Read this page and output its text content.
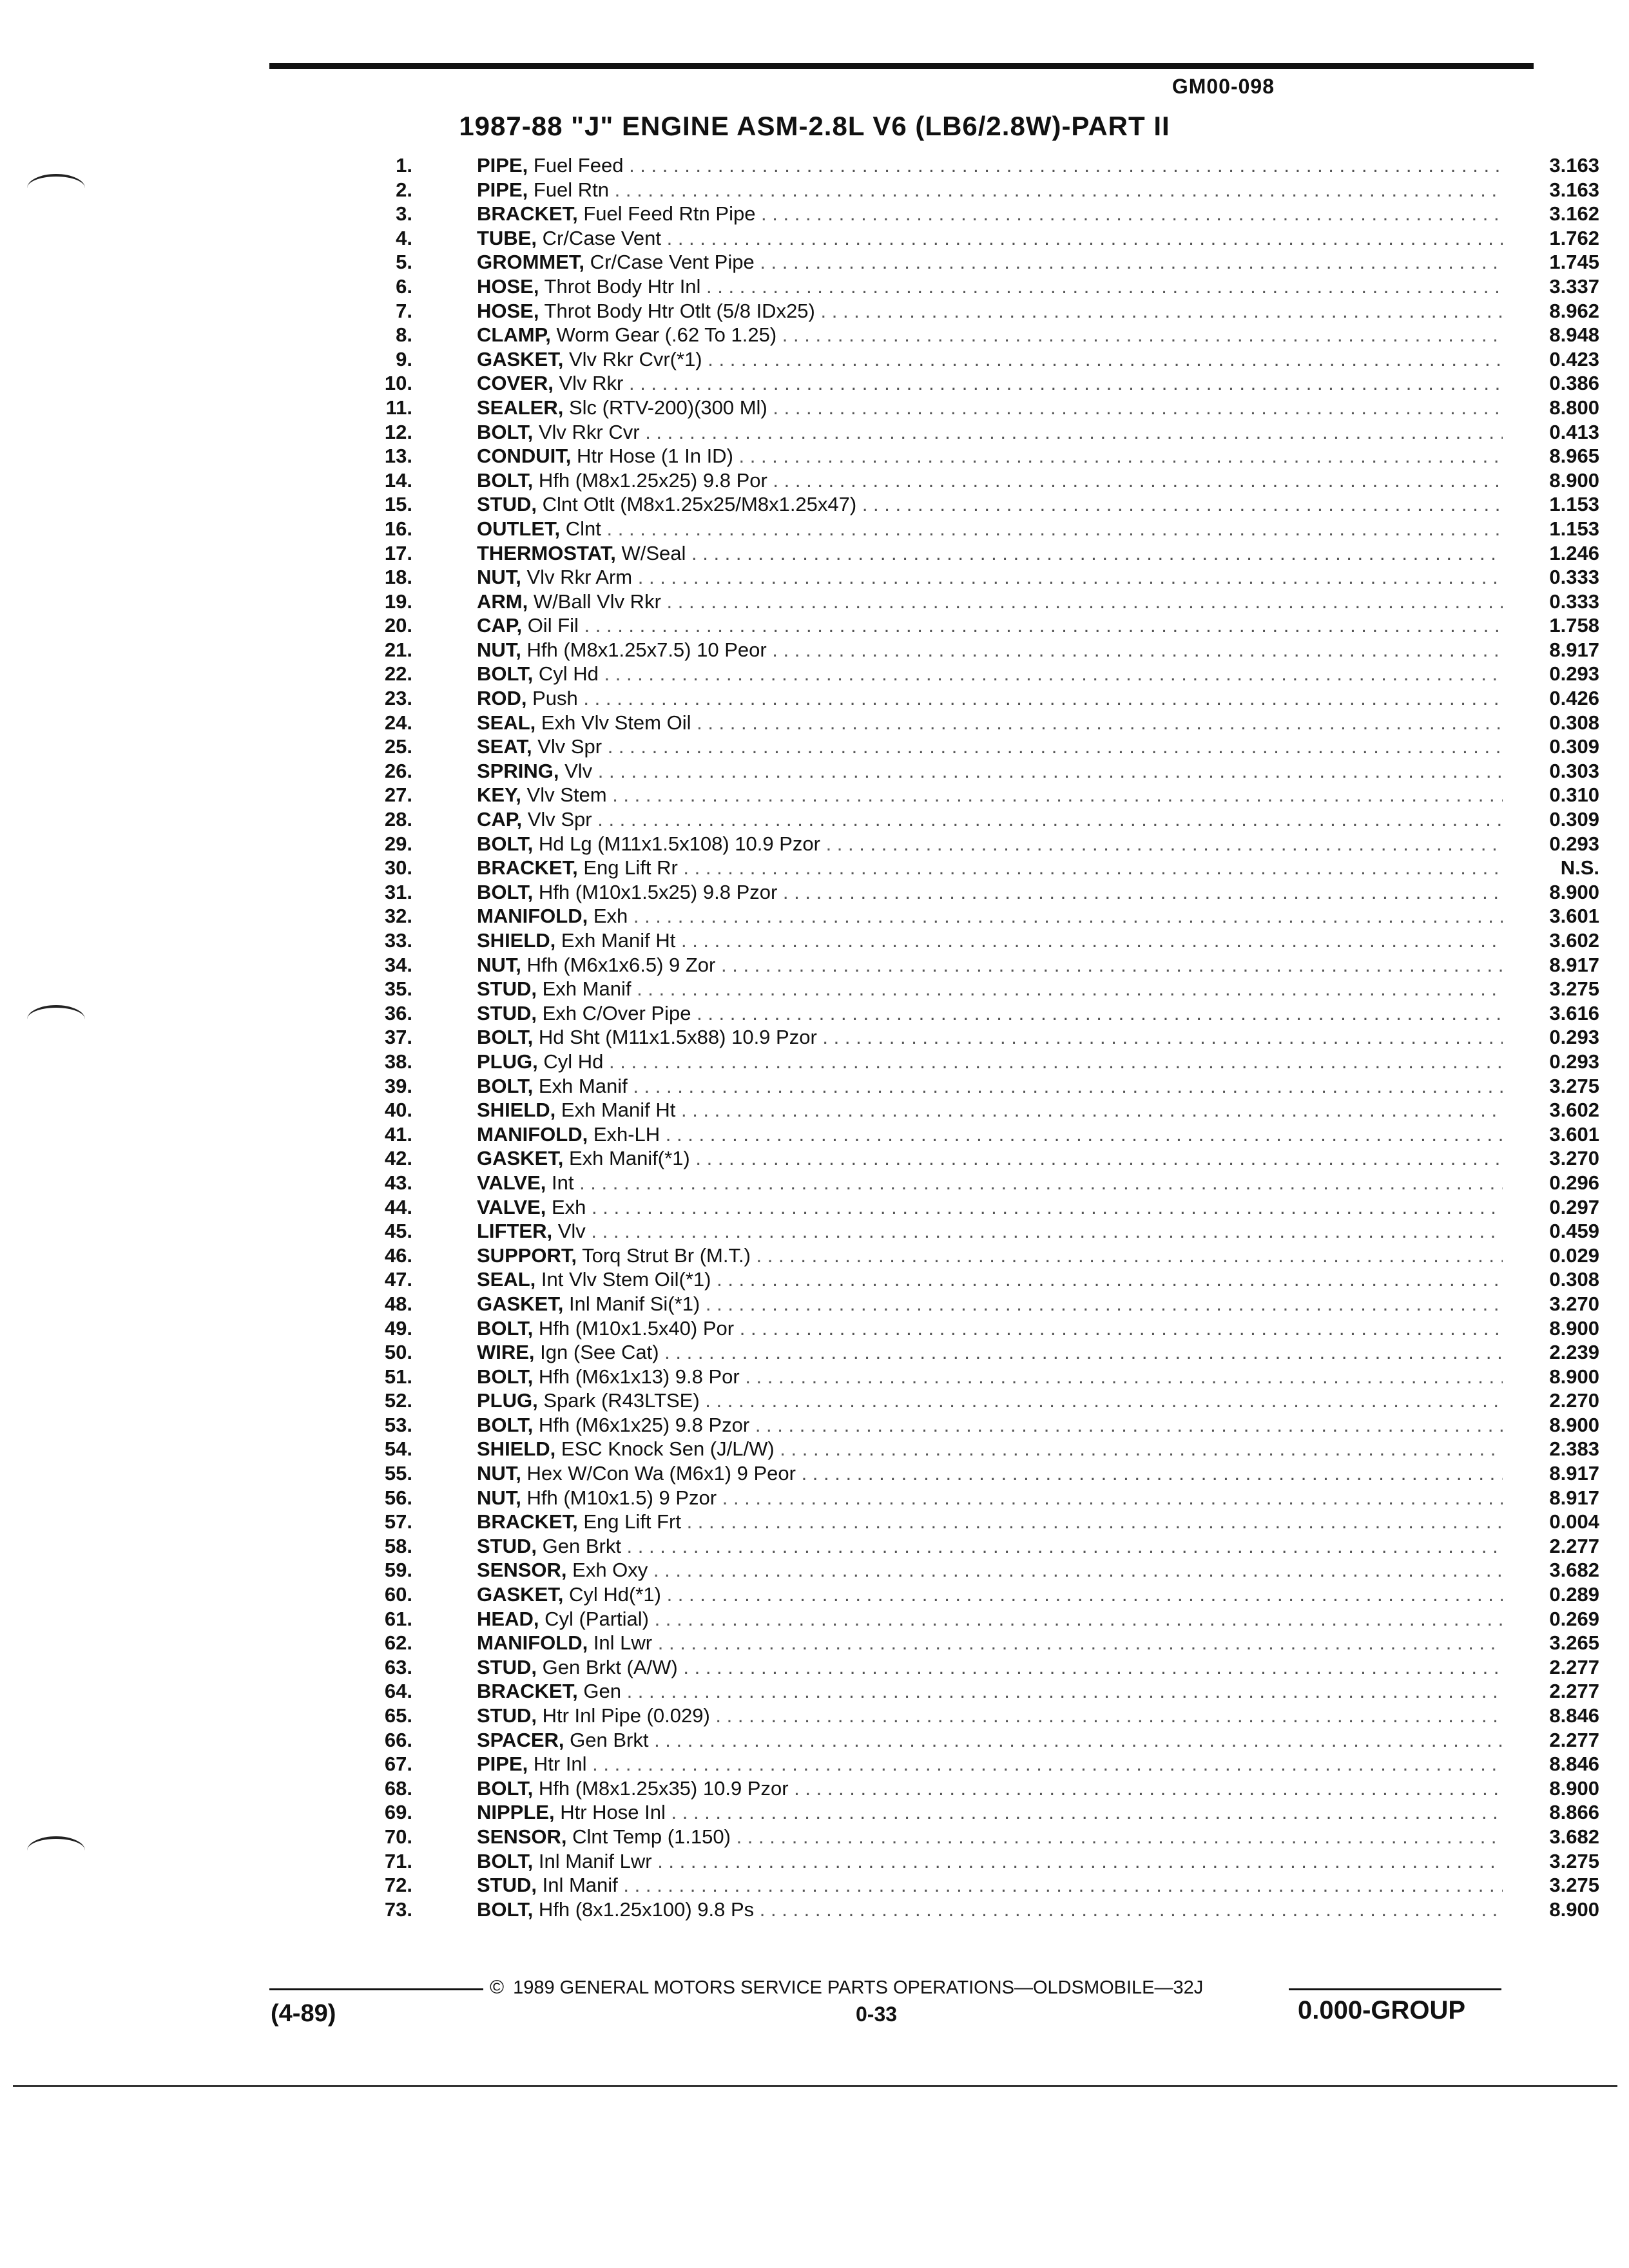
GM00-098
1987-88 "J" ENGINE ASM-2.8L V6 (LB6/2.8W)-PART II
1.	PIPE, Fuel Feed . . .	3.163
2.	PIPE, Fuel Rtn . . .	3.163
3.	BRACKET, Fuel Feed Rtn Pipe . . .	3.162
4.	TUBE, Cr/Case Vent . . .	1.762
5.	GROMMET, Cr/Case Vent Pipe . . .	1.745
6.	HOSE, Throt Body Htr Inl . . .	3.337
7.	HOSE, Throt Body Htr Otlt (5/8 IDx25) . . .	8.962
8.	CLAMP, Worm Gear (.62 To 1.25) . . .	8.948
9.	GASKET, Vlv Rkr Cvr(*1) . . .	0.423
10.	COVER, Vlv Rkr . . .	0.386
11.	SEALER, Slc (RTV-200)(300 Ml) . . .	8.800
12.	BOLT, Vlv Rkr Cvr . . .	0.413
13.	CONDUIT, Htr Hose (1 In ID) . . .	8.965
14.	BOLT, Hfh (M8x1.25x25) 9.8 Por . . .	8.900
15.	STUD, Clnt Otlt (M8x1.25x25/M8x1.25x47) . . .	1.153
16.	OUTLET, Clnt . . .	1.153
17.	THERMOSTAT, W/Seal . . .	1.246
18.	NUT, Vlv Rkr Arm . . .	0.333
19.	ARM, W/Ball Vlv Rkr . . .	0.333
20.	CAP, Oil Fil . . .	1.758
21.	NUT, Hfh (M8x1.25x7.5) 10 Peor . . .	8.917
22.	BOLT, Cyl Hd . . .	0.293
23.	ROD, Push . . .	0.426
24.	SEAL, Exh Vlv Stem Oil . . .	0.308
25.	SEAT, Vlv Spr . . .	0.309
26.	SPRING, Vlv . . .	0.303
27.	KEY, Vlv Stem . . .	0.310
28.	CAP, Vlv Spr . . .	0.309
29.	BOLT, Hd Lg (M11x1.5x108) 10.9 Pzor . . .	0.293
30.	BRACKET, Eng Lift Rr . . .	N.S.
31.	BOLT, Hfh (M10x1.5x25) 9.8 Pzor . . .	8.900
32.	MANIFOLD, Exh . . .	3.601
33.	SHIELD, Exh Manif Ht . . .	3.602
34.	NUT, Hfh (M6x1x6.5) 9 Zor . . .	8.917
35.	STUD, Exh Manif . . .	3.275
36.	STUD, Exh C/Over Pipe . . .	3.616
37.	BOLT, Hd Sht (M11x1.5x88) 10.9 Pzor . . .	0.293
38.	PLUG, Cyl Hd . . .	0.293
39.	BOLT, Exh Manif . . .	3.275
40.	SHIELD, Exh Manif Ht . . .	3.602
41.	MANIFOLD, Exh-LH . . .	3.601
42.	GASKET, Exh Manif(*1) . . .	3.270
43.	VALVE, Int . . .	0.296
44.	VALVE, Exh . . .	0.297
45.	LIFTER, Vlv . . .	0.459
46.	SUPPORT, Torq Strut Br (M.T.) . . .	0.029
47.	SEAL, Int Vlv Stem Oil(*1) . . .	0.308
48.	GASKET, Inl Manif Si(*1) . . .	3.270
49.	BOLT, Hfh (M10x1.5x40) Por . . .	8.900
50.	WIRE, Ign (See Cat) . . .	2.239
51.	BOLT, Hfh (M6x1x13) 9.8 Por . . .	8.900
52.	PLUG, Spark (R43LTSE) . . .	2.270
53.	BOLT, Hfh (M6x1x25) 9.8 Pzor . . .	8.900
54.	SHIELD, ESC Knock Sen (J/L/W) . . .	2.383
55.	NUT, Hex W/Con Wa (M6x1) 9 Peor . . .	8.917
56.	NUT, Hfh (M10x1.5) 9 Pzor . . .	8.917
57.	BRACKET, Eng Lift Frt . . .	0.004
58.	STUD, Gen Brkt . . .	2.277
59.	SENSOR, Exh Oxy . . .	3.682
60.	GASKET, Cyl Hd(*1) . . .	0.289
61.	HEAD, Cyl (Partial) . . .	0.269
62.	MANIFOLD, Inl Lwr . . .	3.265
63.	STUD, Gen Brkt (A/W) . . .	2.277
64.	BRACKET, Gen . . .	2.277
65.	STUD, Htr Inl Pipe (0.029) . . .	8.846
66.	SPACER, Gen Brkt . . .	2.277
67.	PIPE, Htr Inl . . .	8.846
68.	BOLT, Hfh (M8x1.25x35) 10.9 Pzor . . .	8.900
69.	NIPPLE, Htr Hose Inl . . .	8.866
70.	SENSOR, Clnt Temp (1.150) . . .	3.682
71.	BOLT, Inl Manif Lwr . . .	3.275
72.	STUD, Inl Manif . . .	3.275
73.	BOLT, Hfh (8x1.25x100) 9.8 Ps . . .	8.900
© 1989 GENERAL MOTORS SERVICE PARTS OPERATIONS—OLDSMOBILE—32J
(4-89)	0-33	0.000-GROUP
